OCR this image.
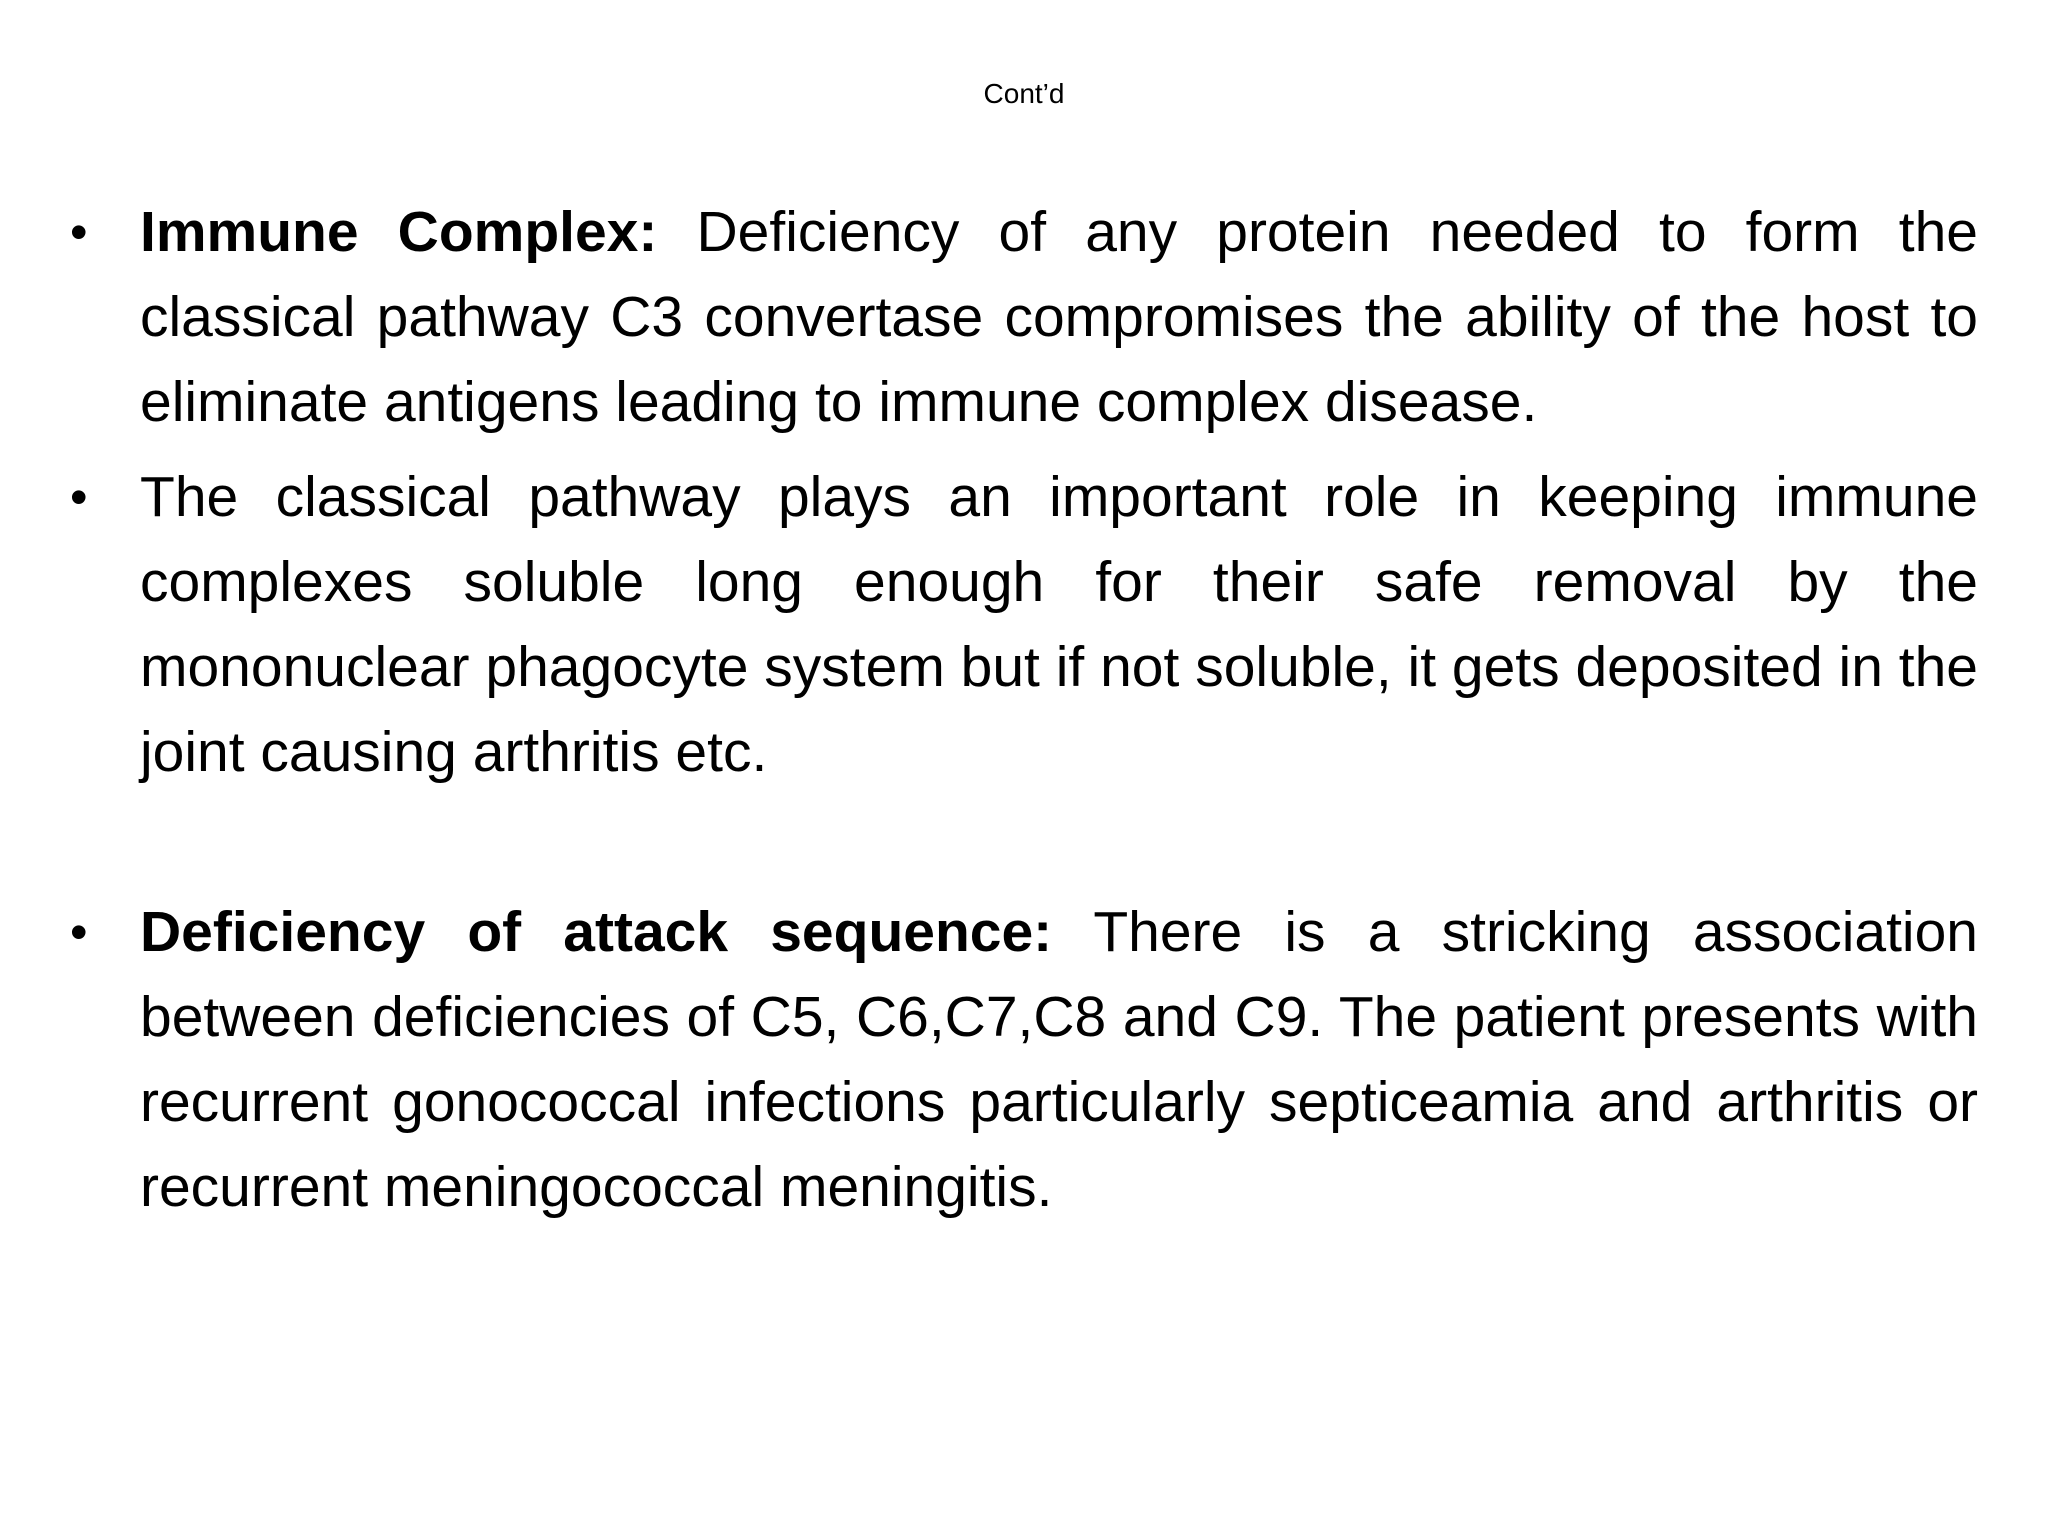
Cont’d
• Immune Complex: Deficiency of any protein needed to form the classical pathway C3 convertase compromises the ability of the host to eliminate antigens leading to immune complex disease.
• The classical pathway plays an important role in keeping immune complexes soluble long enough for their safe removal by the mononuclear phagocyte system but if not soluble, it gets deposited in the joint causing arthritis etc.
• Deficiency of attack sequence: There is a stricking association between deficiencies of C5, C6,C7,C8 and C9. The patient presents with recurrent gonococcal infections particularly septiceamia and arthritis or recurrent meningococcal meningitis.
